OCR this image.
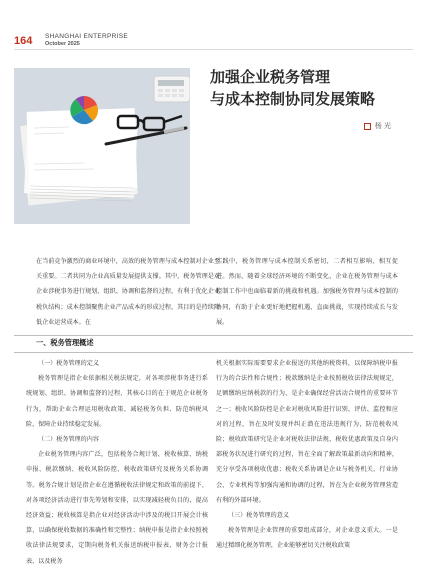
164 SHANGHAI ENTERPRISE
October 2025
加强企业税务管理
与成本控制协同发展策略
杨 光

在当前竞争激烈的商业环境中，高效的税务管理与成本控制对企业至关重要。二者共同为企业高质量发展提供支撑。其中，税务管理是对企业涉税事务进行规划、组织、协调和监督的过程，有利于优化企业税负结构；成本控制聚焦企业产品成本的形成过程，其目的是持续降低企业运营成本。在

实践中，税务管理与成本控制关系密切，二者相互影响、相互促进。然而，随着全球经济环境的不断变化，企业在税务管理与成本控制工作中也面临着新的挑战和机遇。加强税务管理与成本控制的协同，有助于企业更好地把握机遇、直面挑战，实现持续成长与发展。

一、税务管理概述

（一）税务管理的定义

税务管理是指企业依据相关税法规定，对各项涉税事务进行系统规划、组织、协调和监督的过程，其核心目的在于规范企业税务行为，帮助企业合理运用税收政策、减轻税务负担、防范纳税风险，保障企业持续稳定发展。

（二）税务管理的内容

企业税务管理内容广泛，包括税务合规计划、税收核算、纳税申报、税款缴纳、税收风险防控、税收政策研究及税务关系协调等。税务合规计划是指企业在遵循税收法律规定和政策的前提下，对各项经济活动进行事先筹划和安排，以实现减轻税负目的，提高经济效益；税收核算是指企业对经济活动中涉及的税目开展会计核算，以确保税收数据的准确性和完整性；纳税申报是指企业按照税收法律法规要求，定期向税务机关报送纳税申报表、财务会计报表，以及税务

机关根据实际需要要求企业报送的其他纳税资料，以保障纳税申报行为的合法性和合规性；税款缴纳是企业按照税收法律法规规定，足额缴纳应纳税款的行为，是企业确保经营活动合规性的重要环节之一；税收风险防控是企业对税收风险进行识别、评估、监控和应对的过程，旨在及时发现并纠正潜在违法违规行为，防范税收风险；税收政策研究是企业对税收法律法规、税收优惠政策及自身内部税务状况进行研究的过程，旨在全面了解政策最新动向和精神，充分享受各项税收优惠；税收关系协调是企业与税务机关、行业协会、专业机构等加强沟通和协调的过程，旨在为企业税务管理营造有利的外部环境。

（三）税务管理的意义

税务管理是企业管理的重要组成部分，对企业意义重大。一是通过精细化税务管理，企业能够密切关注税收政策
